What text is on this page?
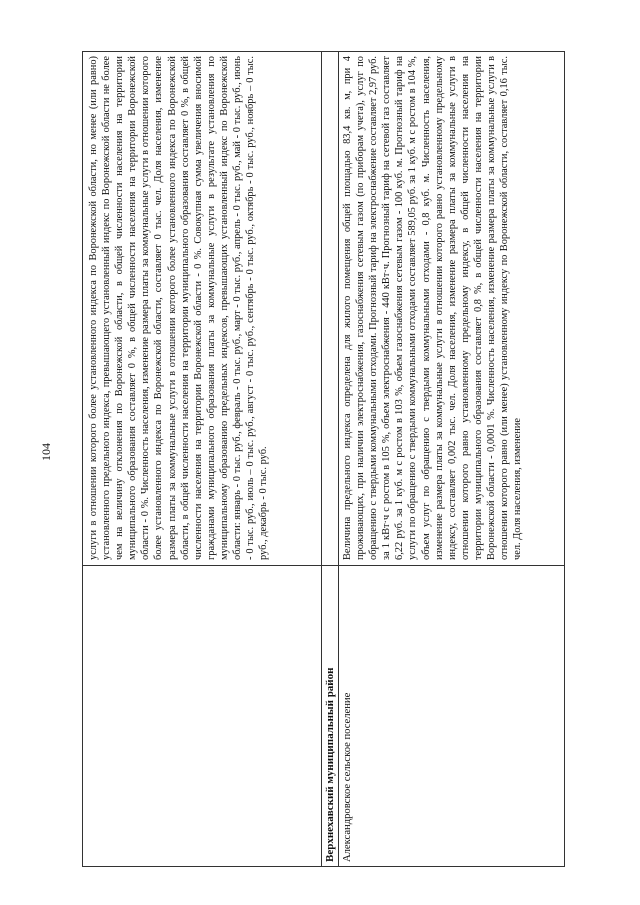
104	услуги в отношении которого более установленного индекса по Воронежской области, но менее (или равно) установленного предельного индекса, превышающего установленный индекс по Воронежской области не более чем на величину отклонения по Воронежской области, в общей численности населения на территории муниципального образования составляет 0 %, в общей численности населения на территории Воронежской области - 0 %. Численность населения, изменение размера платы за коммунальные услуги в отношении которого более установленного индекса по Воронежской области, составляет 0 тыс. чел. Доля населения, изменение размера платы за коммунальные услуги в отношении которого более установленного индекса по Воронежской области, в общей численности населения на территории муниципального образования составляет 0 %, в общей численности населения на территории Воронежской области - 0 %. Совокупная сумма увеличения вносимой гражданами муниципального образования платы за коммунальные услуги в результате установления по муниципальному образованию предельных индексов, превышающих установленный индекс по Воронежской области: январь - 0 тыс. руб., февраль - 0 тыс. руб., март - 0 тыс. руб., апрель - 0 тыс. руб., май - 0 тыс. руб., июнь - 0 тыс. руб., июль – 0 тыс. руб., август - 0 тыс. руб., сентябрь - 0 тыс. руб., октябрь - 0 тыс. руб., ноябрь – 0 тыс. руб., декабрь - 0 тыс. руб.
Верхнехавский муниципальный район Александровское сельское поселение
Величина предельного индекса определена для жилого помещения общей площадью 83,4 кв. м, при 4 проживающих, при наличии электроснабжения, газоснабжения сетевым газом (по приборам учета), услуг по обращению с твердыми коммунальными отходами. Прогнозный тариф на электроснабжение составляет 2,97 руб. за 1 кВт·ч с ростом в 105 %, объем электроснабжения - 440 кВт·ч. Прогнозный тариф на сетевой газ составляет 6,22 руб. за 1 куб. м с ростом в 103 %, объем газоснабжения сетевым газом - 100 куб. м. Прогнозный тариф на услуги по обращению с твердыми коммунальными отходами составляет 589,05 руб. за 1 куб. м с ростом в 104 %, объем услуг по обращению с твердыми коммунальными отходами - 0,8 куб. м. Численность населения, изменение размера платы за коммунальные услуги в отношении которого равно установленному предельному индексу, составляет 0,002 тыс. чел. Доля населения, изменение размера платы за коммунальные услуги в отношении которого равно установленному предельному индексу, в общей численности населения на территории муниципального образования составляет 0,8 %, в общей численности населения на территории Воронежской области - 0,0001 %. Численность населения, изменение размера платы за коммунальные услуги в отношении которого равно (или менее) установленному индексу по Воронежской области, составляет 0,16 тыс. чел. Доля населения, изменение
